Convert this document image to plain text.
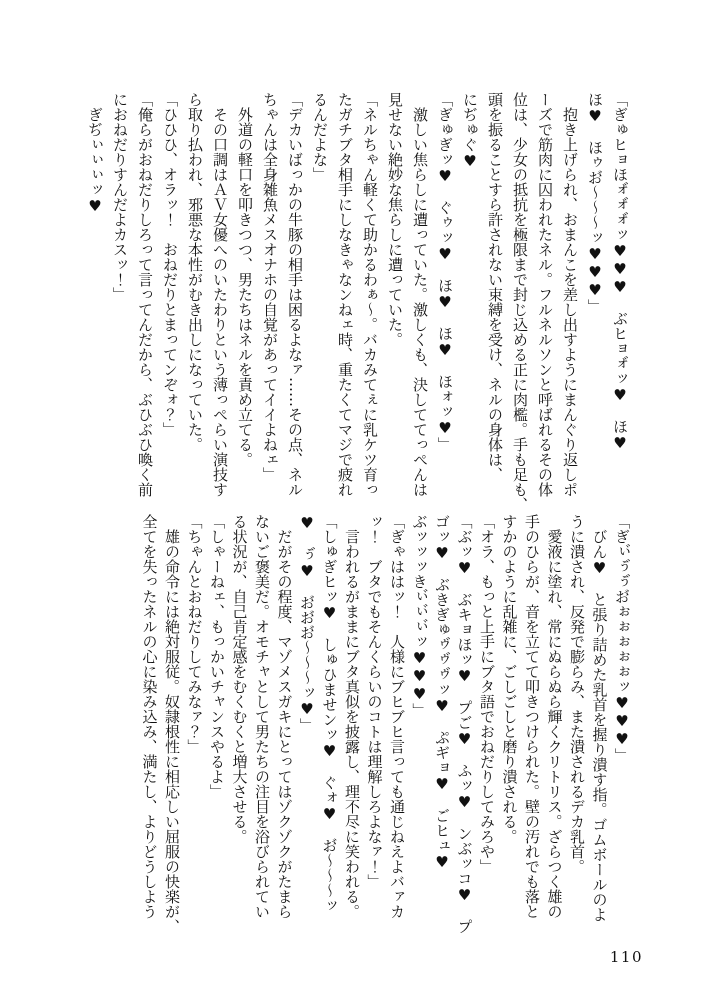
「ぎゅヒョほォ゙ォ゙ォ゙ッ♥♥♥　ぶヒョォ゙ッ♥　ほ♥
ほ♥　ほゥお゙〜〜〜ッ♥♥♥」
　抱き上げられ、おまんこを差し出すようにまんぐり返しポ
ーズで筋肉に囚われたネル。フルネルソンと呼ばれるその体
位は、少女の抵抗を極限まで封じ込める正に肉檻。手も足も、
頭を振ることすら許されない束縛を受け、ネルの身体は、
にぢゅぐ♥
「ぎゅぎッ♥　ぐゥッ♥　ほ♥　ほ♥　ほォッ♥」
　激しい焦らしに遭っていた。激しくも、決しててっぺんは
見せない絶妙な焦らしに遭っていた。
「ネルちゃん軽くて助かるわぁ〜。バカみてぇに乳ケツ育っ
たガチブタ相手にしなきゃなンねェ時、重たくてマジで疲れ
るんだよな」
「デカいばっかの牛豚の相手は困るよなァ……その点、ネル
ちゃんは全身雑魚メスオナホの自覚があってイイよねェ」
　外道の軽口を叩きつつ、男たちはネルを責め立てる。
　その口調はＡＶ女優へのいたわりという薄っぺらい演技す
ら取り払われ、邪悪な本性がむき出しになっていた。
「ひひひ、オラッ！　おねだりとまってンぞォ？」
「俺らがおねだりしろって言ってんだから、ぶひぶひ喚く前
におねだりすんだよカスッ！」
　ぎぢぃぃぃッ♥
「ぎぃ゙ぅ゙ぅ゙お゙ぉぉぉぉぉッ♥♥♥」
　びん♥　と張り詰めた乳首を握り潰す指。ゴムボールのよ
うに潰され、反発で膨らみ、また潰されるデカ乳首。
　愛液に塗れ、常にぬらぬら輝くクリトリス。ざらつく雄の
手のひらが、音を立てて叩きつけられた。壁の汚れでも落と
すかのように乱雑に、ごしごしと磨り潰される。
「オラ、もっと上手にブタ語でおねだりしてみろや」
「ぶッ♥　ぶキョほッ♥　プご♥　ふッ♥　ンぶッコ♥　プ
ゴッ♥　ぶきぎゅゥ゙ゥ゙ゥ゙ッ♥　ぷギョ♥　ごヒュ♥
ぶッッッきぃ゙ぃ゙ぃ゙ッ♥♥♥」
「ぎゃははッ！　人様にブヒブヒ言っても通じねえよバァカ
ッ！　ブタでもそんくらいのコトは理解しろよなァ！」
　言われるがままにブタ真似を披露し、理不尽に笑われる。
「しゅぎヒッ♥　しゅひませンッ♥　ぐォ♥　お゙〜〜〜ッ
♥　ぅ゙♥　お゙お゙お゙〜〜〜ッ♥」
　だがその程度、マゾメスガキにとってはゾクゾクがたまら
ないご褒美だ。オモチャとして男たちの注目を浴びられてい
る状況が、自己肯定感をむくむくと増大させる。
「しゃーねェ、もっかいチャンスやるよ」
「ちゃんとおねだりしてみなァ？」
　雄の命令には絶対服従。奴隷根性に相応しい屈服の快楽が、
全てを失ったネルの心に染み込み、満たし、よりどうしよう
110
